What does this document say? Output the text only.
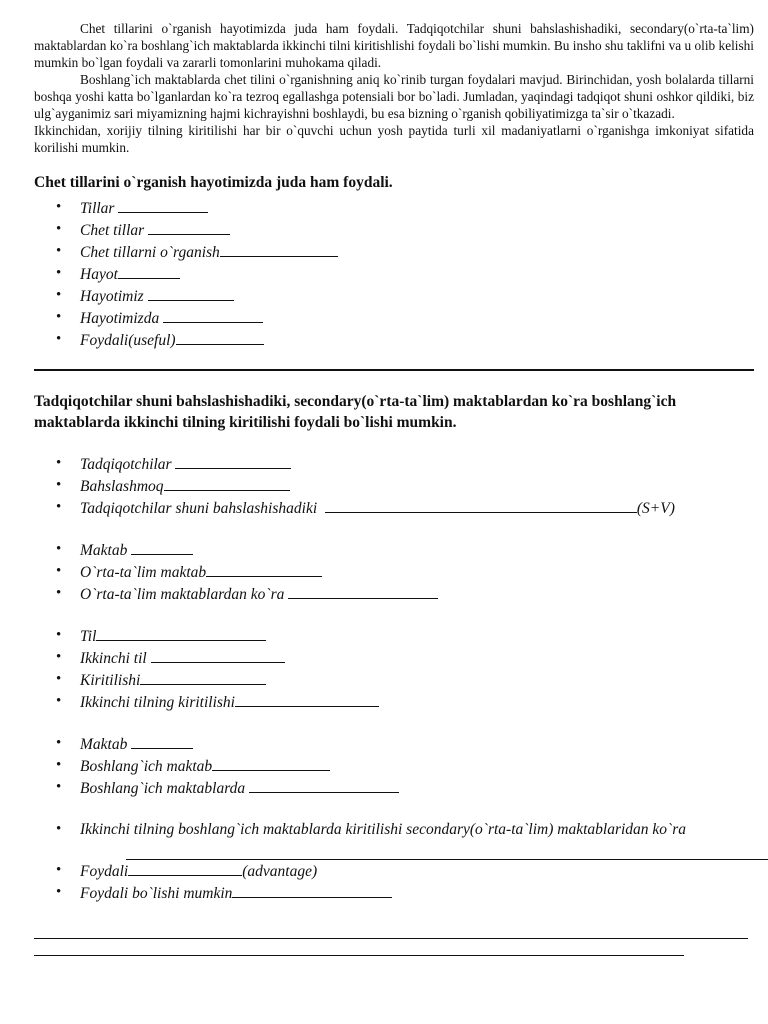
Chet tillarini o`rganish hayotimizda juda ham foydali. Tadqiqotchilar shuni bahslashishadiki, secondary(o`rta-ta`lim) maktablardan ko`ra boshlang`ich maktablarda ikkinchi tilni kiritishlishi foydali bo`lishi mumkin. Bu insho shu taklifni va u olib kelishi mumkin bo`lgan foydali va zararli tomonlarini muhokama qiladi.

Boshlang`ich maktablarda chet tilini o`rganishning aniq ko`rinib turgan foydalari mavjud. Birinchidan, yosh bolalarda tillarni boshqa yoshi katta bo`lganlardan ko`ra tezroq egallashga potensiali bor bo`ladi. Jumladan, yaqindagi tadqiqot shuni oshkor qildiki, biz ulg`ayganimiz sari miyamizning hajmi kichrayishni boshlaydi, bu esa bizning o`rganish qobiliyatimizga ta`sir o`tkazadi.

Ikkinchidan, xorijiy tilning kiritilishi har bir o`quvchi uchun yosh paytida turli xil madaniyatlarni o`rganishga imkoniyat sifatida korilishi mumkin.

Chet tillarini o`rganish hayotimizda juda ham foydali.
• Tillar
• Chet tillar
• Chet tillarni o`rganish
• Hayot
• Hayotimiz
• Hayotimizda
• Foydali(useful)
Tadqiqotchilar shuni bahslashishadiki, secondary(o`rta-ta`lim) maktablardan ko`ra boshlang`ich maktablarda ikkinchi tilning kiritilishi foydali bo`lishi mumkin.
• Tadqiqotchilar
• Bahslashmoq
• Tadqiqotchilar shuni bahslashishadiki	(S+V)
• Maktab
• O`rta-ta`lim maktab
• O`rta-ta`lim maktablardan ko`ra
• Til
• Ikkinchi til
• Kiritilishi
• Ikkinchi tilning kiritilishi
• Maktab
• Boshlang`ich maktab
• Boshlang`ich maktablarda
• Ikkinchi tilning boshlang`ich maktablarda kiritilishi secondary(o`rta-ta`lim) maktablaridan ko`ra
• Foydali	(advantage)
• Foydali bo`lishi mumkin
